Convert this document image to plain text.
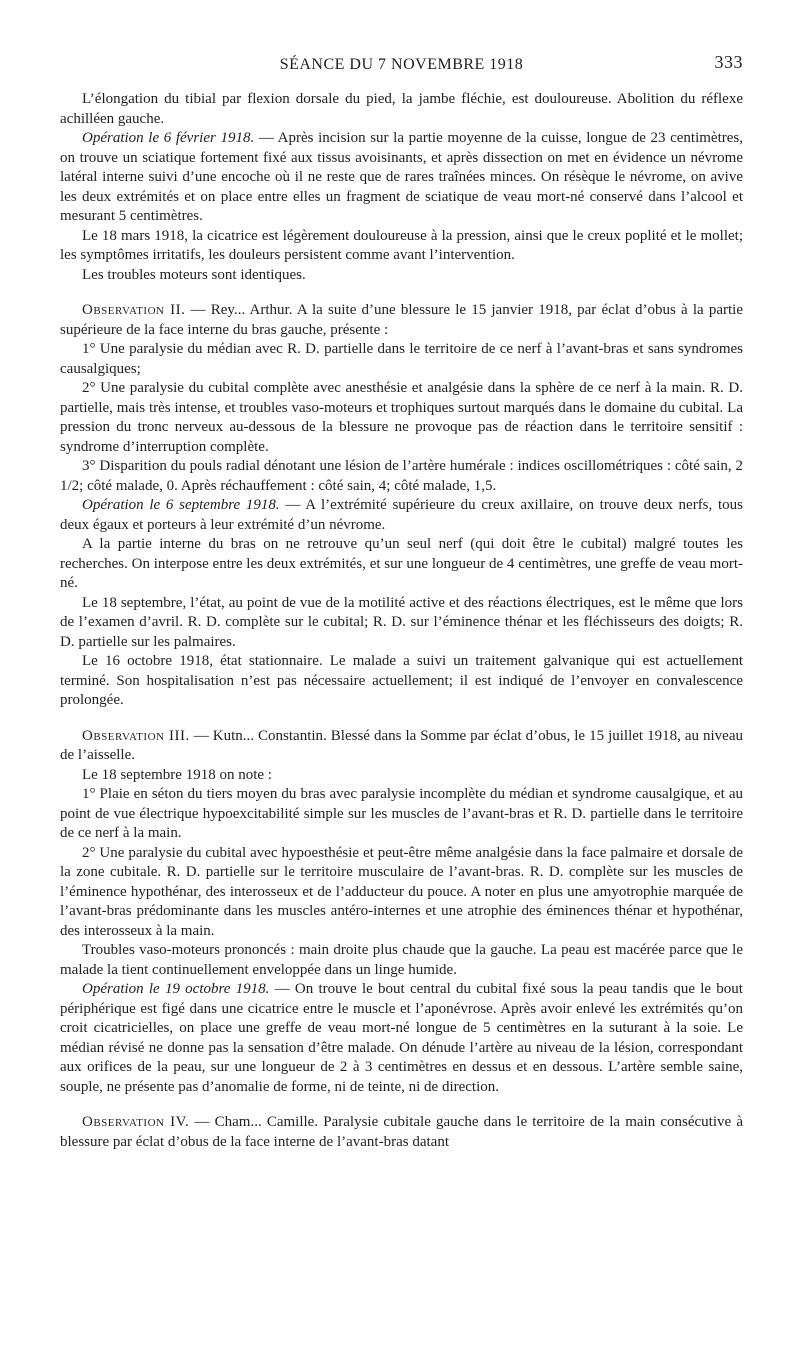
SÉANCE DU 7 NOVEMBRE 1918	333

L’élongation du tibial par flexion dorsale du pied, la jambe fléchie, est douloureuse. Abolition du réflexe achilléen gauche.

Opération le 6 février 1918. — Après incision sur la partie moyenne de la cuisse, longue de 23 centimètres, on trouve un sciatique fortement fixé aux tissus avoisinants, et après dissection on met en évidence un névrome latéral interne suivi d’une encoche où il ne reste que de rares traînées minces. On résèque le névrome, on avive les deux extrémités et on place entre elles un fragment de sciatique de veau mort-né conservé dans l’alcool et mesurant 5 centimètres.

Le 18 mars 1918, la cicatrice est légèrement douloureuse à la pression, ainsi que le creux poplité et le mollet; les symptômes irritatifs, les douleurs persistent comme avant l’intervention.

Les troubles moteurs sont identiques.

Observation II. — Rey... Arthur. A la suite d’une blessure le 15 janvier 1918, par éclat d’obus à la partie supérieure de la face interne du bras gauche, présente :

1° Une paralysie du médian avec R. D. partielle dans le territoire de ce nerf à l’avant-bras et sans syndromes causalgiques;

2° Une paralysie du cubital complète avec anesthésie et analgésie dans la sphère de ce nerf à la main. R. D. partielle, mais très intense, et troubles vaso-moteurs et trophiques surtout marqués dans le domaine du cubital. La pression du tronc nerveux au-dessous de la blessure ne provoque pas de réaction dans le territoire sensitif : syndrome d’interruption complète.

3° Disparition du pouls radial dénotant une lésion de l’artère humérale : indices oscillométriques : côté sain, 2 1/2; côté malade, 0. Après réchauffement : côté sain, 4; côté malade, 1,5.

Opération le 6 septembre 1918. — A l’extrémité supérieure du creux axillaire, on trouve deux nerfs, tous deux égaux et porteurs à leur extrémité d’un névrome.

A la partie interne du bras on ne retrouve qu’un seul nerf (qui doit être le cubital) malgré toutes les recherches. On interpose entre les deux extrémités, et sur une longueur de 4 centimètres, une greffe de veau mort-né.

Le 18 septembre, l’état, au point de vue de la motilité active et des réactions électriques, est le même que lors de l’examen d’avril. R. D. complète sur le cubital; R. D. sur l’éminence thénar et les fléchisseurs des doigts; R. D. partielle sur les palmaires.

Le 16 octobre 1918, état stationnaire. Le malade a suivi un traitement galvanique qui est actuellement terminé. Son hospitalisation n’est pas nécessaire actuellement; il est indiqué de l’envoyer en convalescence prolongée.

Observation III. — Kutn... Constantin. Blessé dans la Somme par éclat d’obus, le 15 juillet 1918, au niveau de l’aisselle.

Le 18 septembre 1918 on note :

1° Plaie en séton du tiers moyen du bras avec paralysie incomplète du médian et syndrome causalgique, et au point de vue électrique hypoexcitabilité simple sur les muscles de l’avant-bras et R. D. partielle dans le territoire de ce nerf à la main.

2° Une paralysie du cubital avec hypoesthésie et peut-être même analgésie dans la face palmaire et dorsale de la zone cubitale. R. D. partielle sur le territoire musculaire de l’avant-bras. R. D. complète sur les muscles de l’éminence hypothénar, des interosseux et de l’adducteur du pouce. A noter en plus une amyotrophie marquée de l’avant-bras prédominante dans les muscles antéro-internes et une atrophie des éminences thénar et hypothénar, des interosseux à la main.

Troubles vaso-moteurs prononcés : main droite plus chaude que la gauche. La peau est macérée parce que le malade la tient continuellement enveloppée dans un linge humide.

Opération le 19 octobre 1918. — On trouve le bout central du cubital fixé sous la peau tandis que le bout périphérique est figé dans une cicatrice entre le muscle et l’aponévrose. Après avoir enlevé les extrémités qu’on croit cicatricielles, on place une greffe de veau mort-né longue de 5 centimètres en la suturant à la soie. Le médian révisé ne donne pas la sensation d’être malade. On dénude l’artère au niveau de la lésion, correspondant aux orifices de la peau, sur une longueur de 2 à 3 centimètres en dessus et en dessous. L’artère semble saine, souple, ne présente pas d’anomalie de forme, ni de teinte, ni de direction.

Observation IV. — Cham... Camille. Paralysie cubitale gauche dans le territoire de la main consécutive à blessure par éclat d’obus de la face interne de l’avant-bras datant
